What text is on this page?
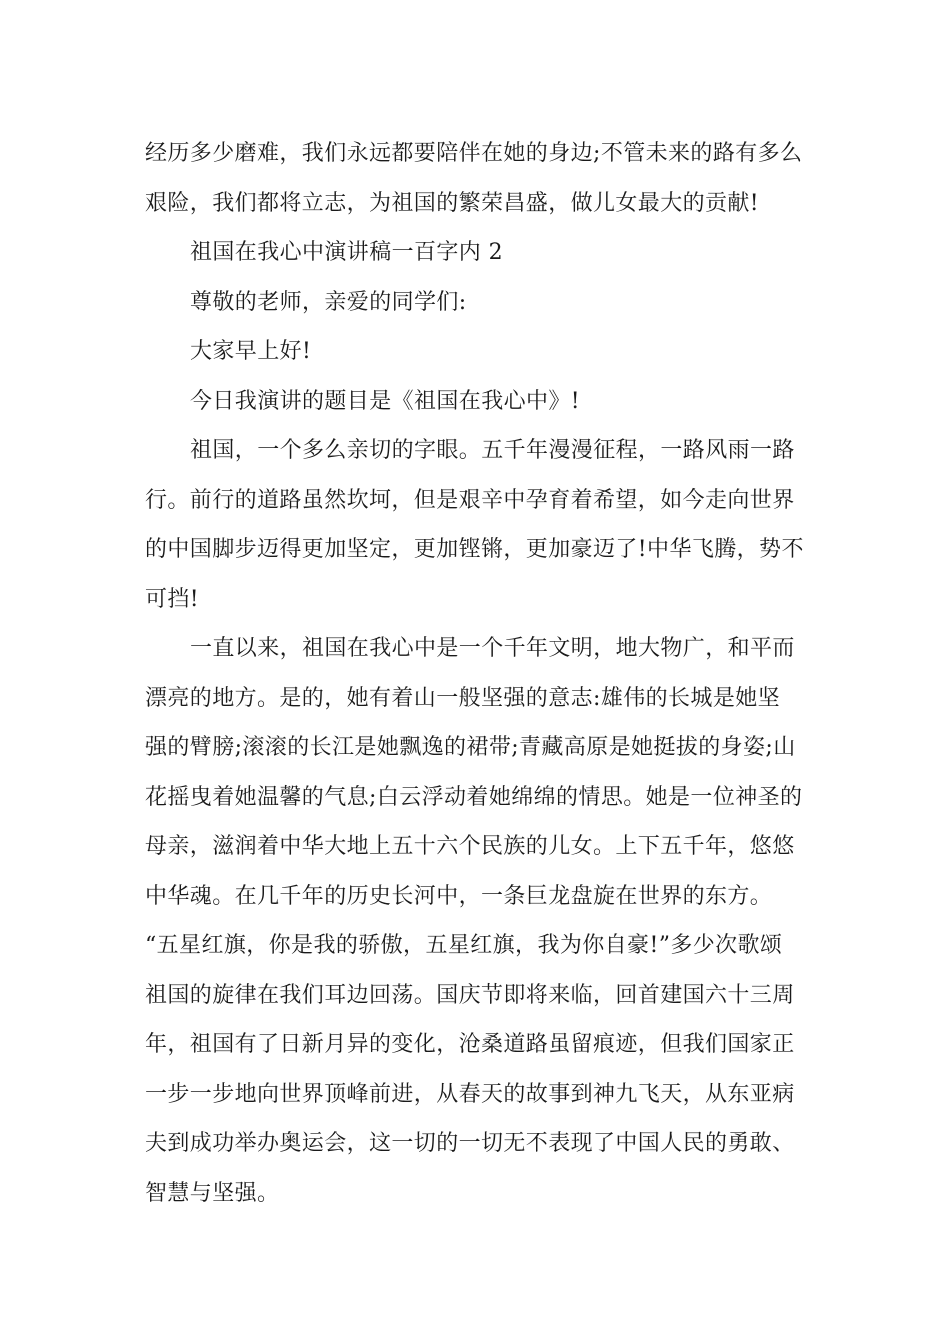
经历多少磨难，我们永远都要陪伴在她的身边;不管未来的路有多么
艰险，我们都将立志，为祖国的繁荣昌盛，做儿女最大的贡献!
祖国在我心中演讲稿一百字内 2
尊敬的老师，亲爱的同学们:
大家早上好!
今日我演讲的题目是《祖国在我心中》!
祖国，一个多么亲切的字眼。五千年漫漫征程，一路风雨一路
行。前行的道路虽然坎坷，但是艰辛中孕育着希望，如今走向世界
的中国脚步迈得更加坚定，更加铿锵，更加豪迈了!中华飞腾，势不
可挡!
一直以来，祖国在我心中是一个千年文明，地大物广，和平而
漂亮的地方。是的，她有着山一般坚强的意志:雄伟的长城是她坚
强的臂膀;滚滚的长江是她飘逸的裙带;青藏高原是她挺拔的身姿;山
花摇曳着她温馨的气息;白云浮动着她绵绵的情思。她是一位神圣的
母亲，滋润着中华大地上五十六个民族的儿女。上下五千年，悠悠
中华魂。在几千年的历史长河中，一条巨龙盘旋在世界的东方。
“五星红旗，你是我的骄傲，五星红旗，我为你自豪!”多少次歌颂
祖国的旋律在我们耳边回荡。国庆节即将来临，回首建国六十三周
年，祖国有了日新月异的变化，沧桑道路虽留痕迹，但我们国家正
一步一步地向世界顶峰前进，从春天的故事到神九飞天，从东亚病
夫到成功举办奥运会，这一切的一切无不表现了中国人民的勇敢、
智慧与坚强。
